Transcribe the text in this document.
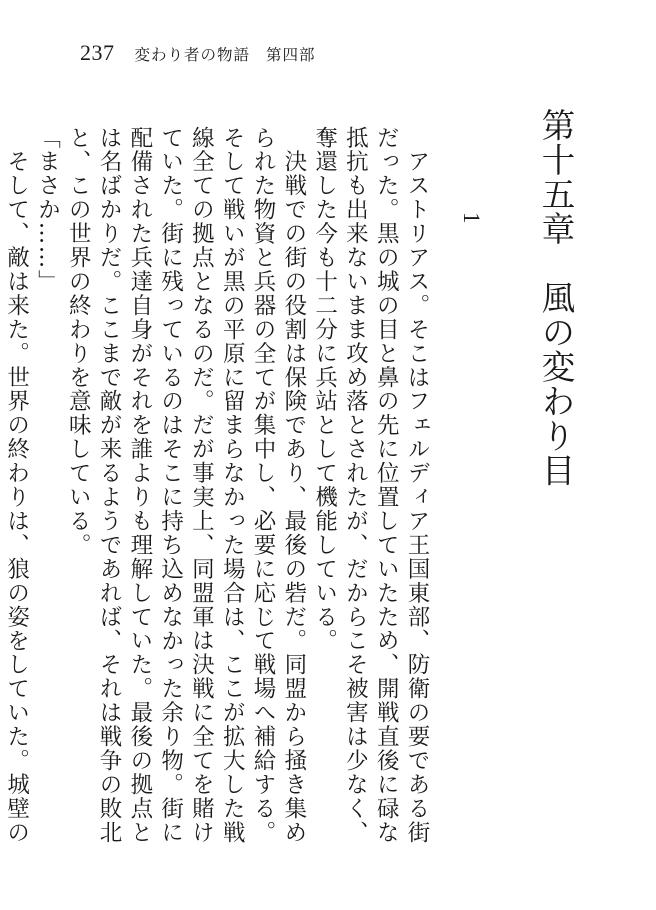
237 変わり者の物語 第四部
第十五章　風の変わり目
1

　アストリアス。そこはフェルディア王国東部、防衛の要である街だった。黒の城の目と鼻の先に位置していたため、開戦直後に碌な抵抗も出来ないまま攻め落とされたが、だからこそ被害は少なく、奪還した今も十二分に兵站として機能している。

　決戦での街の役割は保険であり、最後の砦だ。同盟から掻き集められた物資と兵器の全てが集中し、必要に応じて戦場へ補給する。そして戦いが黒の平原に留まらなかった場合は、ここが拡大した戦線全ての拠点となるのだ。だが事実上、同盟軍は決戦に全てを賭けていた。街に残っているのはそこに持ち込めなかった余り物。街に配備された兵達自身がそれを誰よりも理解していた。最後の拠点とは名ばかりだ。ここまで敵が来るようであれば、それは戦争の敗北と、この世界の終わりを意味している。

「まさか……」

　そして、敵は来た。世界の終わりは、狼の姿をしていた。城壁の
